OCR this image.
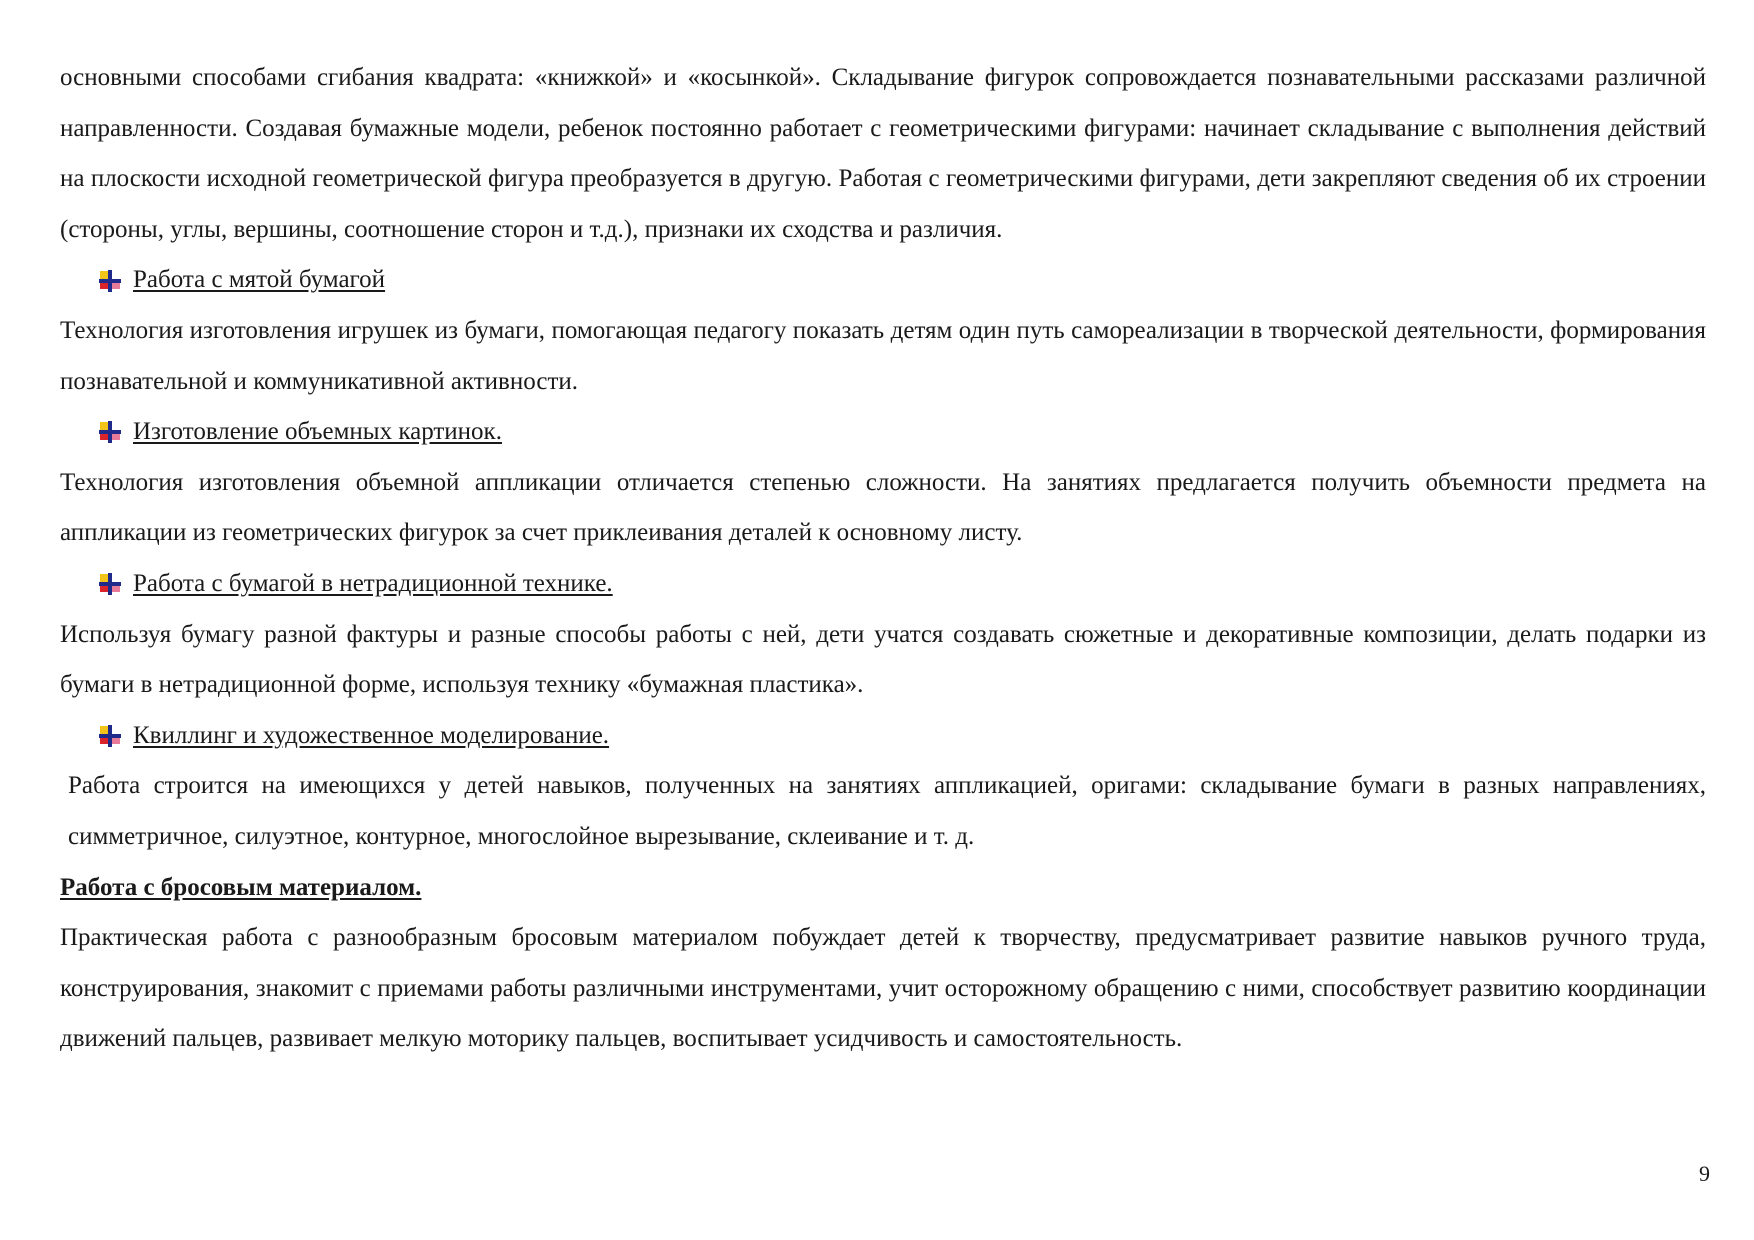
основными способами сгибания квадрата: «книжкой» и «косынкой». Складывание фигурок сопровождается познавательными рассказами различной направленности. Создавая бумажные модели, ребенок постоянно работает с геометрическими фигурами: начинает складывание с выполнения действий на плоскости исходной геометрической фигура преобразуется в другую. Работая с геометрическими фигурами, дети закрепляют сведения об их строении (стороны, углы, вершины, соотношение сторон и т.д.), признаки их сходства и различия.

Работа с мятой бумагой

Технология изготовления игрушек из бумаги, помогающая педагогу показать детям один путь самореализации в творческой деятельности, формирования познавательной и коммуникативной активности.

Изготовление объемных картинок.

Технология изготовления объемной аппликации отличается степенью сложности. На занятиях предлагается получить объемности предмета на аппликации из геометрических фигурок за счет приклеивания деталей к основному листу.

Работа с бумагой в нетрадиционной технике.

Используя бумагу разной фактуры и разные способы работы с ней, дети учатся создавать сюжетные и декоративные композиции, делать подарки из бумаги в нетрадиционной форме, используя технику «бумажная пластика».

Квиллинг и художественное моделирование.

Работа строится на имеющихся у детей навыков, полученных на занятиях аппликацией, оригами: складывание бумаги в разных направлениях, симметричное, силуэтное, контурное, многослойное вырезывание, склеивание и т. д.

Работа с бросовым материалом.

Практическая работа с разнообразным бросовым материалом побуждает детей к творчеству, предусматривает развитие навыков ручного труда, конструирования, знакомит с приемами работы различными инструментами, учит осторожному обращению с ними, способствует развитию координации движений пальцев, развивает мелкую моторику пальцев, воспитывает усидчивость и самостоятельность.

9
